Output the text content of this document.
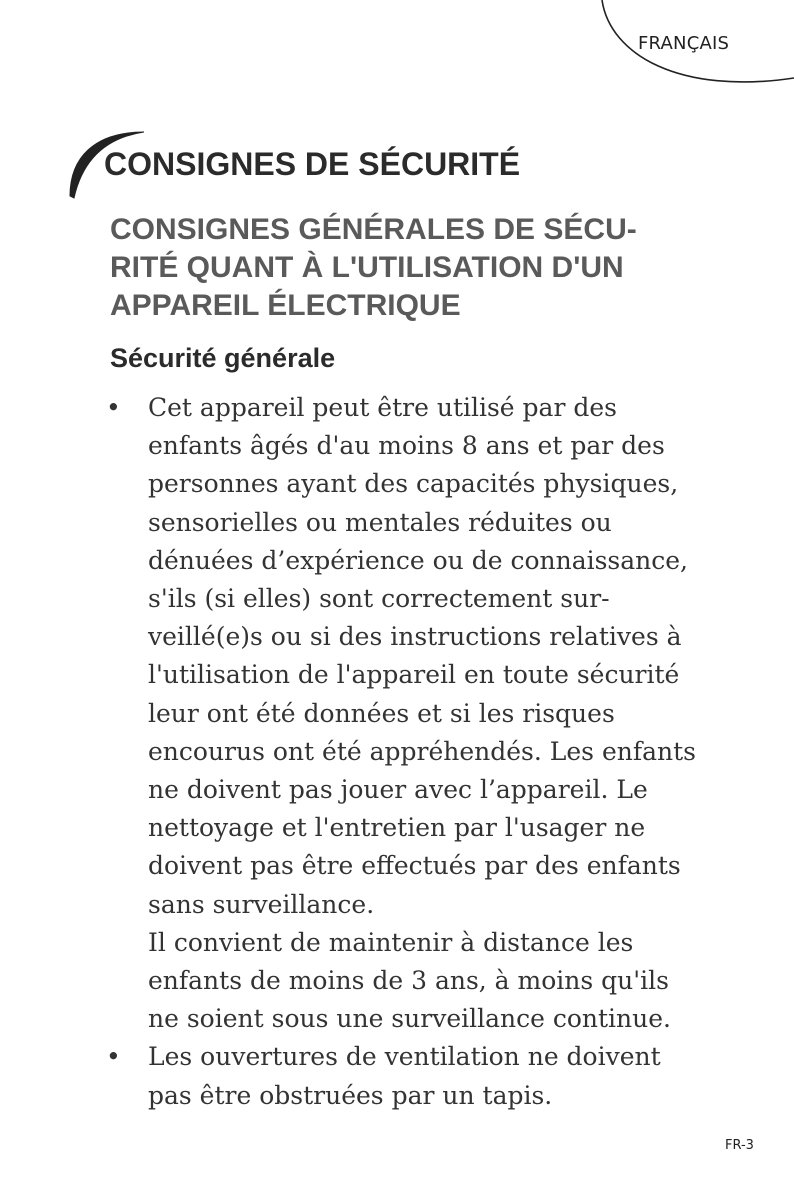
FRANÇAIS
CONSIGNES DE SÉCURITÉ
CONSIGNES GÉNÉRALES DE SÉCU-
RITÉ QUANT À L'UTILISATION D'UN
APPAREIL ÉLECTRIQUE
Sécurité générale
• Cet appareil peut être utilisé par des
enfants âgés d'au moins 8 ans et par des
personnes ayant des capacités physiques,
sensorielles ou mentales réduites ou
dénuées d’expérience ou de connaissance,
s'ils (si elles) sont correctement sur-
veillé(e)s ou si des instructions relatives à
l'utilisation de l'appareil en toute sécurité
leur ont été données et si les risques
encourus ont été appréhendés. Les enfants
ne doivent pas jouer avec l’appareil. Le
nettoyage et l'entretien par l'usager ne
doivent pas être effectués par des enfants
sans surveillance.
Il convient de maintenir à distance les
enfants de moins de 3 ans, à moins qu'ils
ne soient sous une surveillance continue.
• Les ouvertures de ventilation ne doivent
pas être obstruées par un tapis.
FR-3
